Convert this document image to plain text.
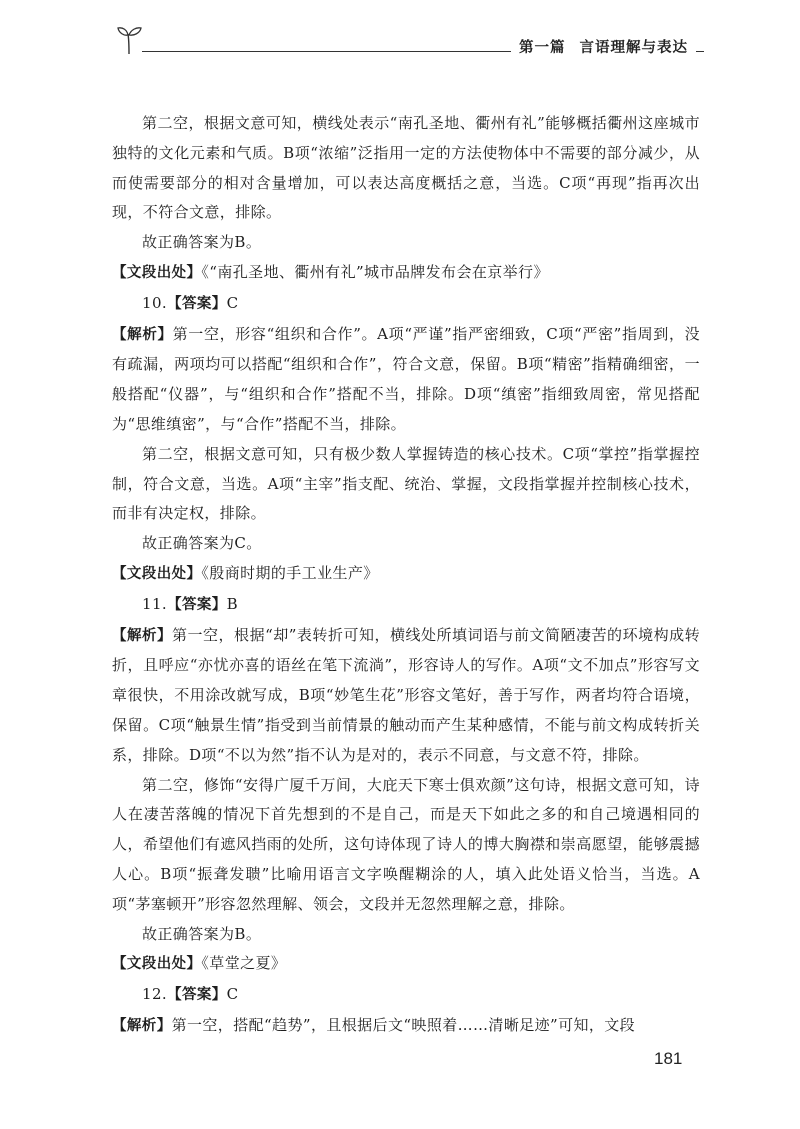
第一篇 言语理解与表达

第二空，根据文意可知，横线处表示“南孔圣地、衢州有礼”能够概括衢州这座城市独特的文化元素和气质。B项“浓缩”泛指用一定的方法使物体中不需要的部分减少，从而使需要部分的相对含量增加，可以表达高度概括之意，当选。C项“再现”指再次出现，不符合文意，排除。

故正确答案为B。

【文段出处】《“南孔圣地、衢州有礼”城市品牌发布会在京举行》

10.【答案】C

【解析】第一空，形容“组织和合作”。A项“严谨”指严密细致，C项“严密”指周到，没有疏漏，两项均可以搭配“组织和合作”，符合文意，保留。B项“精密”指精确细密，一般搭配“仪器”，与“组织和合作”搭配不当，排除。D项“缜密”指细致周密，常见搭配为“思维缜密”，与“合作”搭配不当，排除。

第二空，根据文意可知，只有极少数人掌握铸造的核心技术。C项“掌控”指掌握控制，符合文意，当选。A项“主宰”指支配、统治、掌握，文段指掌握并控制核心技术，而非有决定权，排除。

故正确答案为C。

【文段出处】《殷商时期的手工业生产》

11.【答案】B

【解析】第一空，根据“却”表转折可知，横线处所填词语与前文简陋凄苦的环境构成转折，且呼应“亦忧亦喜的语丝在笔下流淌”，形容诗人的写作。A项“文不加点”形容写文章很快，不用涂改就写成，B项“妙笔生花”形容文笔好，善于写作，两者均符合语境，保留。C项“触景生情”指受到当前情景的触动而产生某种感情，不能与前文构成转折关系，排除。D项“不以为然”指不认为是对的，表示不同意，与文意不符，排除。

第二空，修饰“安得广厦千万间，大庇天下寒士俱欢颜”这句诗，根据文意可知，诗人在凄苦落魄的情况下首先想到的不是自己，而是天下如此之多的和自己境遇相同的人，希望他们有遮风挡雨的处所，这句诗体现了诗人的博大胸襟和崇高愿望，能够震撼人心。B项“振聋发聩”比喻用语言文字唤醒糊涂的人，填入此处语义恰当，当选。A项“茅塞顿开”形容忽然理解、领会，文段并无忽然理解之意，排除。

故正确答案为B。

【文段出处】《草堂之夏》

12.【答案】C

【解析】第一空，搭配“趋势”，且根据后文“映照着……清晰足迹”可知，文段

181
